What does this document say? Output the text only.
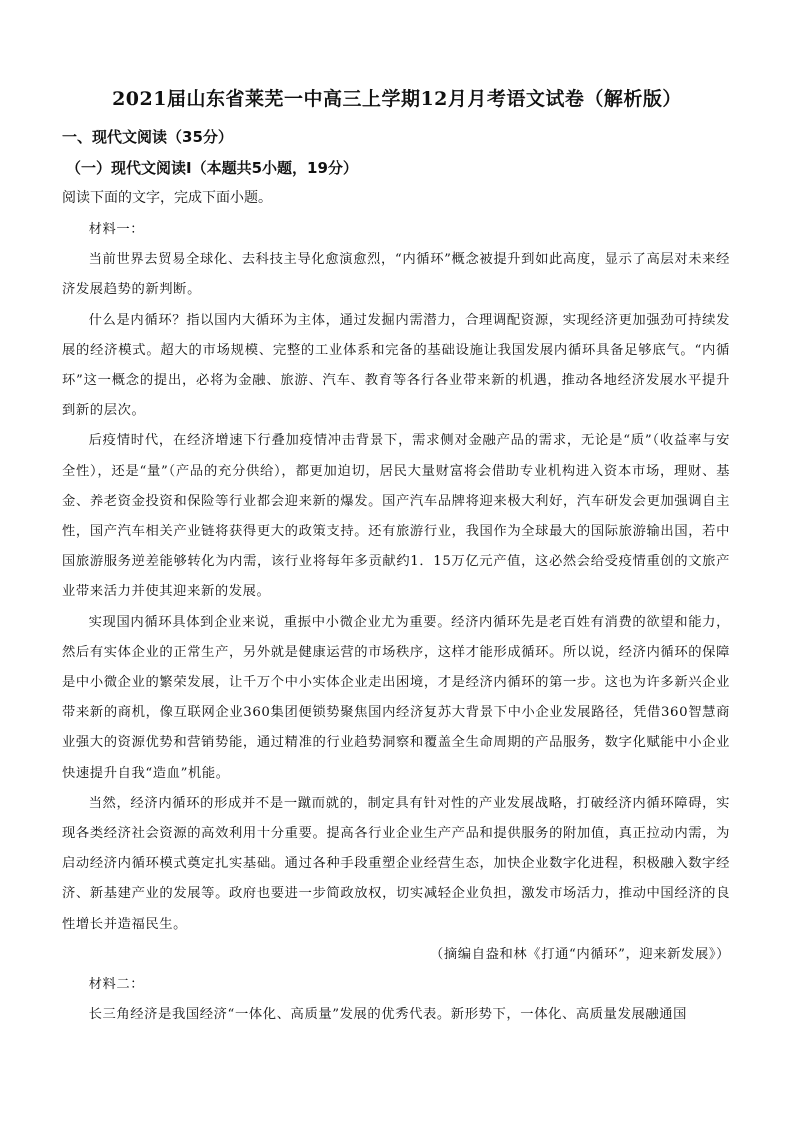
2021届山东省莱芜一中高三上学期12月月考语文试卷（解析版）
一、现代文阅读（35分）
（一）现代文阅读Ⅰ（本题共5小题，19分）
阅读下面的文字，完成下面小题。

材料一：

当前世界去贸易全球化、去科技主导化愈演愈烈，“内循环”概念被提升到如此高度，显示了高层对未来经济发展趋势的新判断。

什么是内循环？指以国内大循环为主体，通过发掘内需潜力，合理调配资源，实现经济更加强劲可持续发展的经济模式。超大的市场规模、完整的工业体系和完备的基础设施让我国发展内循环具备足够底气。“内循环”这一概念的提出，必将为金融、旅游、汽车、教育等各行各业带来新的机遇，推动各地经济发展水平提升到新的层次。

后疫情时代，在经济增速下行叠加疫情冲击背景下，需求侧对金融产品的需求，无论是“质”（收益率与安全性），还是“量”（产品的充分供给），都更加迫切，居民大量财富将会借助专业机构进入资本市场，理财、基金、养老资金投资和保险等行业都会迎来新的爆发。国产汽车品牌将迎来极大利好，汽车研发会更加强调自主性，国产汽车相关产业链将获得更大的政策支持。还有旅游行业，我国作为全球最大的国际旅游输出国，若中国旅游服务逆差能够转化为内需，该行业将每年多贡献约1．15万亿元产值，这必然会给受疫情重创的文旅产业带来活力并使其迎来新的发展。

实现国内循环具体到企业来说，重振中小微企业尤为重要。经济内循环先是老百姓有消费的欲望和能力，然后有实体企业的正常生产，另外就是健康运营的市场秩序，这样才能形成循环。所以说，经济内循环的保障是中小微企业的繁荣发展，让千万个中小实体企业走出困境，才是经济内循环的第一步。这也为许多新兴企业带来新的商机，像互联网企业360集团便锁势聚焦国内经济复苏大背景下中小企业发展路径，凭借360智慧商业强大的资源优势和营销势能，通过精准的行业趋势洞察和覆盖全生命周期的产品服务，数字化赋能中小企业快速提升自我“造血”机能。

当然，经济内循环的形成并不是一蹴而就的，制定具有针对性的产业发展战略，打破经济内循环障碍，实现各类经济社会资源的高效利用十分重要。提高各行业企业生产产品和提供服务的附加值，真正拉动内需，为启动经济内循环模式奠定扎实基础。通过各种手段重塑企业经营生态，加快企业数字化进程，积极融入数字经济、新基建产业的发展等。政府也要进一步简政放权，切实减轻企业负担，激发市场活力，推动中国经济的良性增长并造福民生。

（摘编自盎和林《打通“内循环”，迎来新发展》）

材料二：

长三角经济是我国经济“一体化、高质量”发展的优秀代表。新形势下，一体化、高质量发展融通国
